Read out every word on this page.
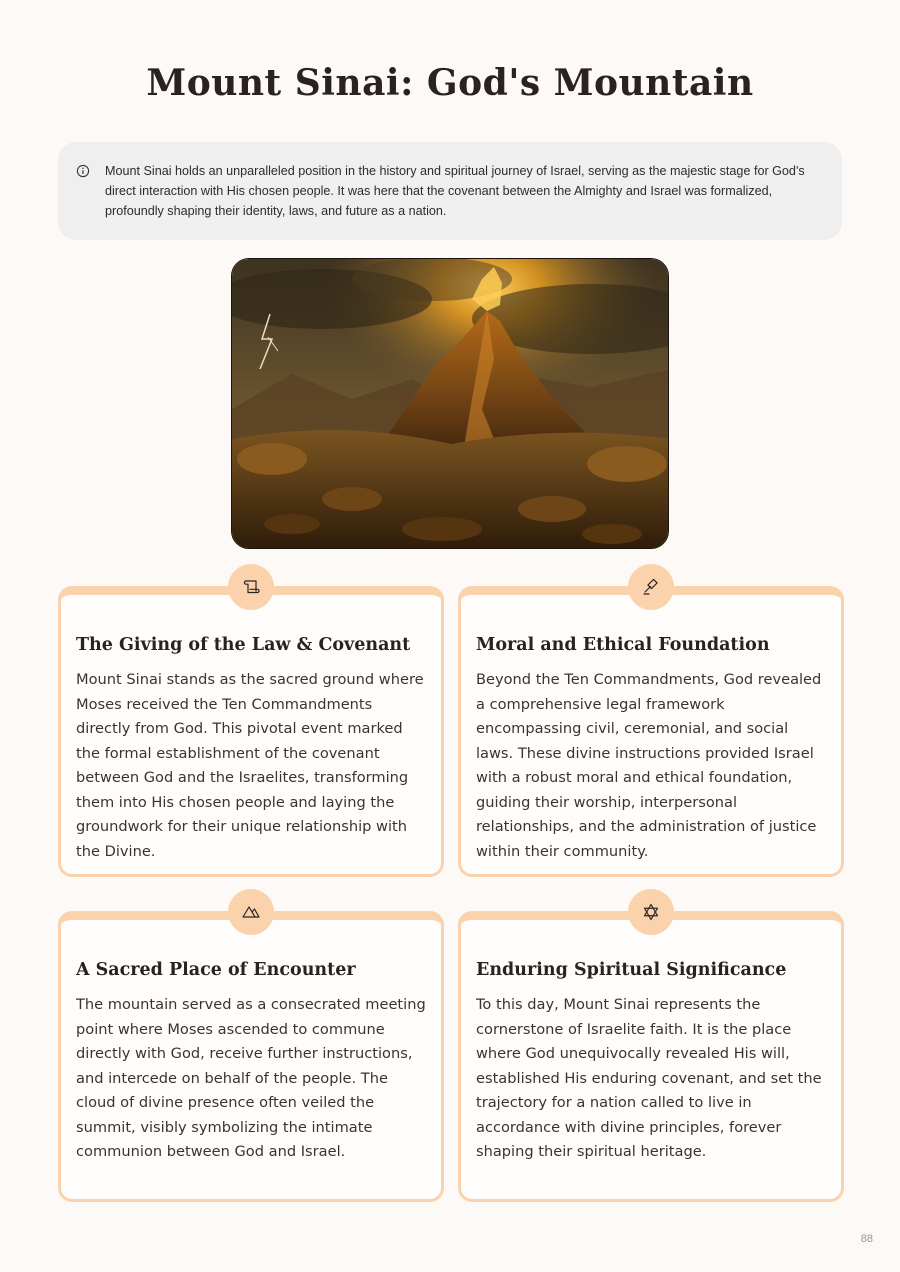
Mount Sinai: God's Mountain
Mount Sinai holds an unparalleled position in the history and spiritual journey of Israel, serving as the majestic stage for God's direct interaction with His chosen people. It was here that the covenant between the Almighty and Israel was formalized, profoundly shaping their identity, laws, and future as a nation.
The Giving of the Law & Covenant

Mount Sinai stands as the sacred ground where Moses received the Ten Commandments directly from God. This pivotal event marked the formal establishment of the covenant between God and the Israelites, transforming them into His chosen people and laying the groundwork for their unique relationship with the Divine.

Moral and Ethical Foundation

Beyond the Ten Commandments, God revealed a comprehensive legal framework encompassing civil, ceremonial, and social laws. These divine instructions provided Israel with a robust moral and ethical foundation, guiding their worship, interpersonal relationships, and the administration of justice within their community.

A Sacred Place of Encounter

The mountain served as a consecrated meeting point where Moses ascended to commune directly with God, receive further instructions, and intercede on behalf of the people. The cloud of divine presence often veiled the summit, visibly symbolizing the intimate communion between God and Israel.

Enduring Spiritual Significance

To this day, Mount Sinai represents the cornerstone of Israelite faith. It is the place where God unequivocally revealed His will, established His enduring covenant, and set the trajectory for a nation called to live in accordance with divine principles, forever shaping their spiritual heritage.

88
